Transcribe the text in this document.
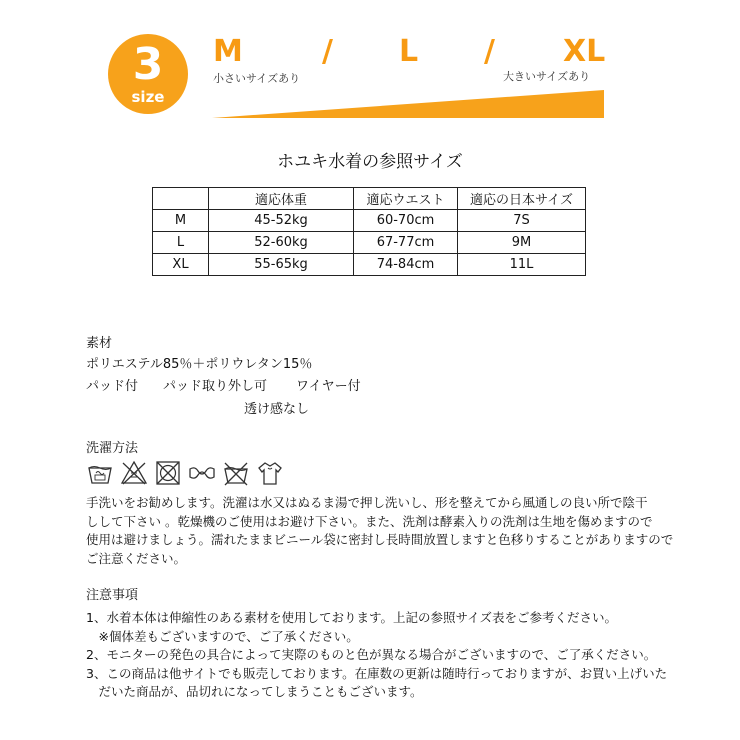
3
size
M	/ L / XL
小さいサイズあり	大きいサイズあり
ホユキ水着の参照サイズ
	適応体重	適応ウエスト	適応の日本サイズ
M	45-52kg	60-70cm	7S
L	52-60kg	67-77cm	9M
XL	55-65kg	74-84cm	11L
素材
ポリエステル85％＋ポリウレタン15％
パッド付 パッド取り外し可 ワイヤー付
透け感なし
洗濯方法
手洗いをお勧めします。洗濯は水又はぬるま湯で押し洗いし、形を整えてから風通しの良い所で陰干
しして下さい 。乾燥機のご使用はお避け下さい。また、洗剤は酵素入りの洗剤は生地を傷めますので
使用は避けましょう。濡れたままビニール袋に密封し長時間放置しますと色移りすることがありますので
ご注意ください。
注意事項
1、水着本体は伸縮性のある素材を使用しております。上記の参照サイズ表をご参考ください。
　※個体差もございますので、ご了承ください。
2、モニターの発色の具合によって実際のものと色が異なる場合がございますので、ご了承ください。
3、この商品は他サイトでも販売しております。在庫数の更新は随時行っておりますが、お買い上げいた
　だいた商品が、品切れになってしまうこともございます。
